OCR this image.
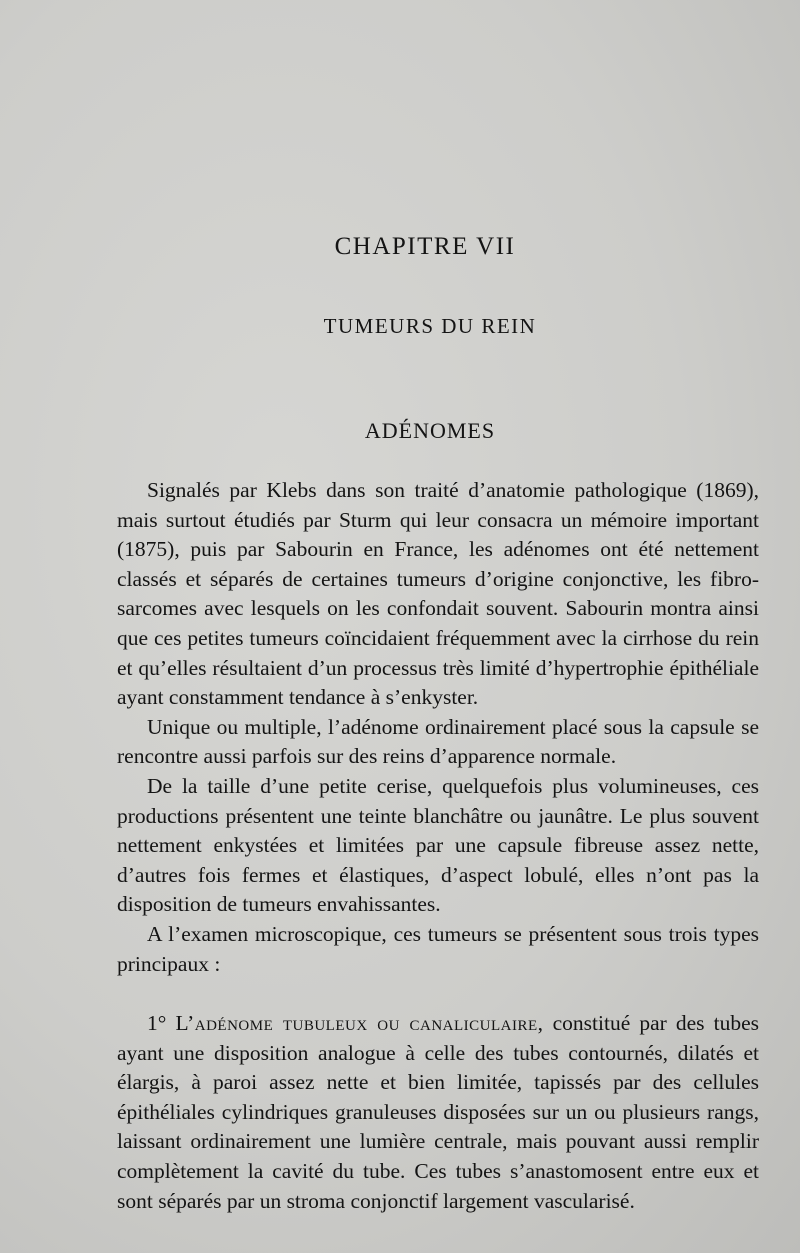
CHAPITRE VII
TUMEURS DU REIN
ADÉNOMES

Signalés par Klebs dans son traité d’anatomie pathologique (1869), mais surtout étudiés par Sturm qui leur consacra un mémoire important (1875), puis par Sabourin en France, les adénomes ont été nettement classés et séparés de certaines tumeurs d’origine conjonctive, les fibro-sarcomes avec lesquels on les confondait souvent. Sabourin montra ainsi que ces petites tumeurs coïncidaient fréquemment avec la cirrhose du rein et qu’elles résultaient d’un processus très limité d’hypertrophie épithéliale ayant constamment tendance à s’enkyster.

Unique ou multiple, l’adénome ordinairement placé sous la capsule se rencontre aussi parfois sur des reins d’apparence normale.

De la taille d’une petite cerise, quelquefois plus volumineuses, ces productions présentent une teinte blanchâtre ou jaunâtre. Le plus souvent nettement enkystées et limitées par une capsule fibreuse assez nette, d’autres fois fermes et élastiques, d’aspect lobulé, elles n’ont pas la disposition de tumeurs envahissantes.

A l’examen microscopique, ces tumeurs se présentent sous trois types principaux :

1° L’adénome tubuleux ou canaliculaire, constitué par des tubes ayant une disposition analogue à celle des tubes contournés, dilatés et élargis, à paroi assez nette et bien limitée, tapissés par des cellules épithéliales cylindriques granuleuses disposées sur un ou plusieurs rangs, laissant ordinairement une lumière centrale, mais pouvant aussi remplir complètement la cavité du tube. Ces tubes s’anastomosent entre eux et sont séparés par un stroma conjonctif largement vascularisé.
